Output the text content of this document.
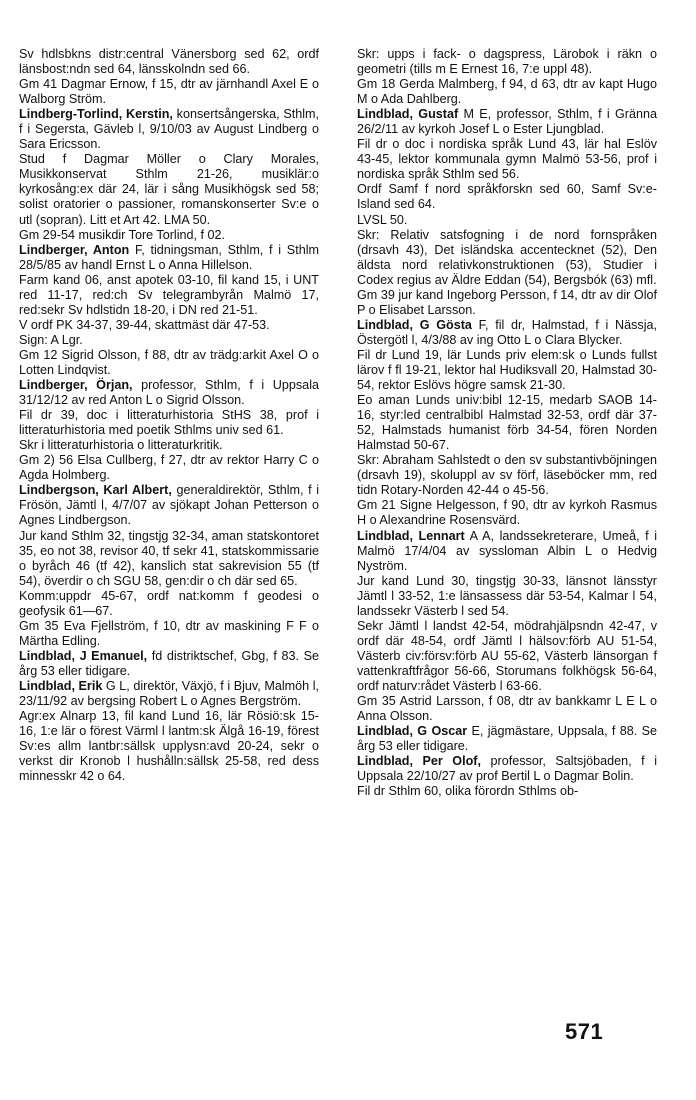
Sv hdlsbkns distr:central Vänersborg sed 62, ordf länsbost:ndn sed 64, länsskolndn sed 66.
Gm 41 Dagmar Ernow, f 15, dtr av järnhandl Axel E o Walborg Ström.
Lindberg-Torlind, Kerstin, konsertsångerska, Sthlm, f i Segersta, Gävleb l, 9/10/03 av August Lindberg o Sara Ericsson.
Stud f Dagmar Möller o Clary Morales, Musikkonservat Sthlm 21-26, musiklär:o kyrkosång:ex där 24, lär i sång Musikhögsk sed 58; solist oratorier o passioner, romanskonserter Sv:e o utl (sopran). Litt et Art 42. LMA 50.
Gm 29-54 musikdir Tore Torlind, f 02.
Lindberger, Anton F, tidningsman, Sthlm, f i Sthlm 28/5/85 av handl Ernst L o Anna Hillelson.
Farm kand 06, anst apotek 03-10, fil kand 15, i UNT red 11-17, red:ch Sv telegrambyrån Malmö 17, red:sekr Sv hdlstidn 18-20, i DN red 21-51.
V ordf PK 34-37, 39-44, skattmäst där 47-53.
Sign: A Lgr.
Gm 12 Sigrid Olsson, f 88, dtr av trädg:arkit Axel O o Lotten Lindqvist.
Lindberger, Örjan, professor, Sthlm, f i Uppsala 31/12/12 av red Anton L o Sigrid Olsson.
Fil dr 39, doc i litteraturhistoria StHS 38, prof i litteraturhistoria med poetik Sthlms univ sed 61.
Skr i litteraturhistoria o litteraturkritik.
Gm 2) 56 Elsa Cullberg, f 27, dtr av rektor Harry C o Agda Holmberg.
Lindbergson, Karl Albert, generaldirektör, Sthlm, f i Frösön, Jämtl l, 4/7/07 av sjökapt Johan Petterson o Agnes Lindbergson.
Jur kand Sthlm 32, tingstjg 32-34, aman statskontoret 35, eo not 38, revisor 40, tf sekr 41, statskommissarie o byråch 46 (tf 42), kanslich stat sakrevision 55 (tf 54), överdir o ch SGU 58, gen:dir o ch där sed 65.
Komm:uppdr 45-67, ordf nat:komm f geodesi o geofysik 61—67.
Gm 35 Eva Fjellström, f 10, dtr av maskining F F o Märtha Edling.
Lindblad, J Emanuel, fd distriktschef, Gbg, f 83. Se årg 53 eller tidigare.
Lindblad, Erik G L, direktör, Växjö, f i Bjuv, Malmöh l, 23/11/92 av bergsing Robert L o Agnes Bergström.
Agr:ex Alnarp 13, fil kand Lund 16, lär Rösiö:sk 15-16, 1:e lär o förest Värml l lantm:sk Älgå 16-19, förest Sv:es allm lantbr:sällsk upplysn:avd 20-24, sekr o verkst dir Kronob l hushålln:sällsk 25-58, red dess minnesskr 42 o 64.
Skr: upps i fack- o dagspress, Lärobok i räkn o geometri (tills m E Ernest 16, 7:e uppl 48).
Gm 18 Gerda Malmberg, f 94, d 63, dtr av kapt Hugo M o Ada Dahlberg.
Lindblad, Gustaf M E, professor, Sthlm, f i Gränna 26/2/11 av kyrkoh Josef L o Ester Ljungblad.
Fil dr o doc i nordiska språk Lund 43, lär hal Eslöv 43-45, lektor kommunala gymn Malmö 53-56, prof i nordiska språk Sthlm sed 56.
Ordf Samf f nord språkforskn sed 60, Samf Sv:e-Island sed 64.
LVSL 50.
Skr: Relativ satsfogning i de nord fornspråken (drsavh 43), Det isländska accentecknet (52), Den äldsta nord relativkonstruktionen (53), Studier i Codex regius av Äldre Eddan (54), Bergsbók (63) mfl.
Gm 39 jur kand Ingeborg Persson, f 14, dtr av dir Olof P o Elisabet Larsson.
Lindblad, G Gösta F, fil dr, Halmstad, f i Nässja, Östergötl l, 4/3/88 av ing Otto L o Clara Blycker.
Fil dr Lund 19, lär Lunds priv elem:sk o Lunds fullst lärov f fl 19-21, lektor hal Hudiksvall 20, Halmstad 30-54, rektor Eslövs högre samsk 21-30.
Eo aman Lunds univ:bibl 12-15, medarb SAOB 14-16, styr:led centralbibl Halmstad 32-53, ordf där 37-52, Halmstads humanist förb 34-54, fören Norden Halmstad 50-67.
Skr: Abraham Sahlstedt o den sv substantivböjningen (drsavh 19), skoluppl av sv förf, läseböcker mm, red tidn Rotary-Norden 42-44 o 45-56.
Gm 21 Signe Helgesson, f 90, dtr av kyrkoh Rasmus H o Alexandrine Rosensvärd.
Lindblad, Lennart A A, landssekreterare, Umeå, f i Malmö 17/4/04 av syssloman Albin L o Hedvig Nyström.
Jur kand Lund 30, tingstjg 30-33, länsnot länsstyr Jämtl l 33-52, 1:e länsassess där 53-54, Kalmar l 54, landssekr Västerb l sed 54.
Sekr Jämtl l landst 42-54, mödrahjälpsndn 42-47, v ordf där 48-54, ordf Jämtl l hälsov:förb AU 51-54, Västerb civ:försv:förb AU 55-62, Västerb länsorgan f vattenkraftfrågor 56-66, Storumans folkhögsk 56-64, ordf naturv:rådet Västerb l 63-66.
Gm 35 Astrid Larsson, f 08, dtr av bankkamr L E L o Anna Olsson.
Lindblad, G Oscar E, jägmästare, Uppsala, f 88. Se årg 53 eller tidigare.
Lindblad, Per Olof, professor, Saltsjöbaden, f i Uppsala 22/10/27 av prof Bertil L o Dagmar Bolin.
Fil dr Sthlm 60, olika förordn Sthlms ob-
571
